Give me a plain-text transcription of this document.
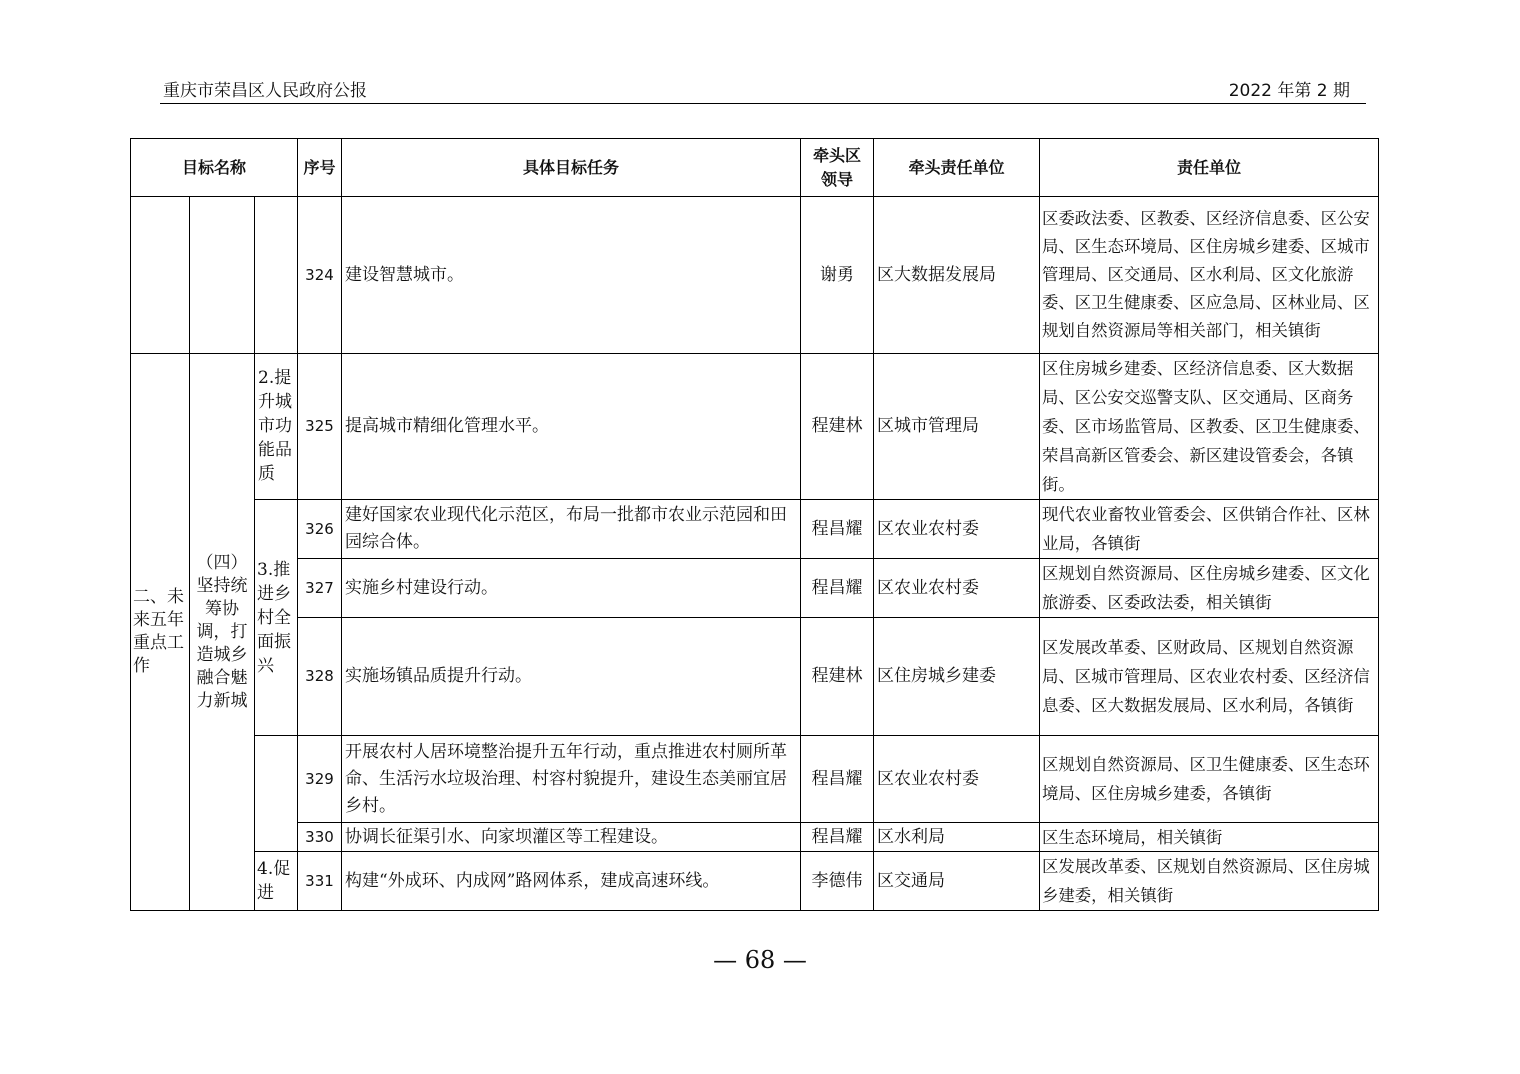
重庆市荣昌区人民政府公报	2022 年第 2 期
目标名称			序号	具体目标任务	牵头区领导	牵头责任单位	责任单位
			324	建设智慧城市。	谢勇	区大数据发展局	区委政法委、区教委、区经济信息委、区公安局、区生态环境局、区住房城乡建委、区城市管理局、区交通局、区水利局、区文化旅游委、区卫生健康委、区应急局、区林业局、区规划自然资源局等相关部门，相关镇街
二、未来五年重点工作	（四）坚持统筹协调，打造城乡融合魅力新城	2.提升城市功能品质	325	提高城市精细化管理水平。	程建林	区城市管理局	区住房城乡建委、区经济信息委、区大数据局、区公安交巡警支队、区交通局、区商务委、区市场监管局、区教委、区卫生健康委、荣昌高新区管委会、新区建设管委会，各镇街。
		3.推进乡村全面振兴	326	建好国家农业现代化示范区，布局一批都市农业示范园和田园综合体。	程昌耀	区农业农村委	现代农业畜牧业管委会、区供销合作社、区林业局，各镇街
			327	实施乡村建设行动。	程昌耀	区农业农村委	区规划自然资源局、区住房城乡建委、区文化旅游委、区委政法委，相关镇街
			328	实施场镇品质提升行动。	程建林	区住房城乡建委	区发展改革委、区财政局、区规划自然资源局、区城市管理局、区农业农村委、区经济信息委、区大数据发展局、区水利局，各镇街
			329	开展农村人居环境整治提升五年行动，重点推进农村厕所革命、生活污水垃圾治理、村容村貌提升，建设生态美丽宜居乡村。	程昌耀	区农业农村委	区规划自然资源局、区卫生健康委、区生态环境局、区住房城乡建委，各镇街
			330	协调长征渠引水、向家坝灌区等工程建设。	程昌耀	区水利局	区生态环境局，相关镇街
		4.促进	331	构建“外成环、内成网”路网体系，建成高速环线。	李德伟	区交通局	区发展改革委、区规划自然资源局、区住房城乡建委，相关镇街
— 68 —
